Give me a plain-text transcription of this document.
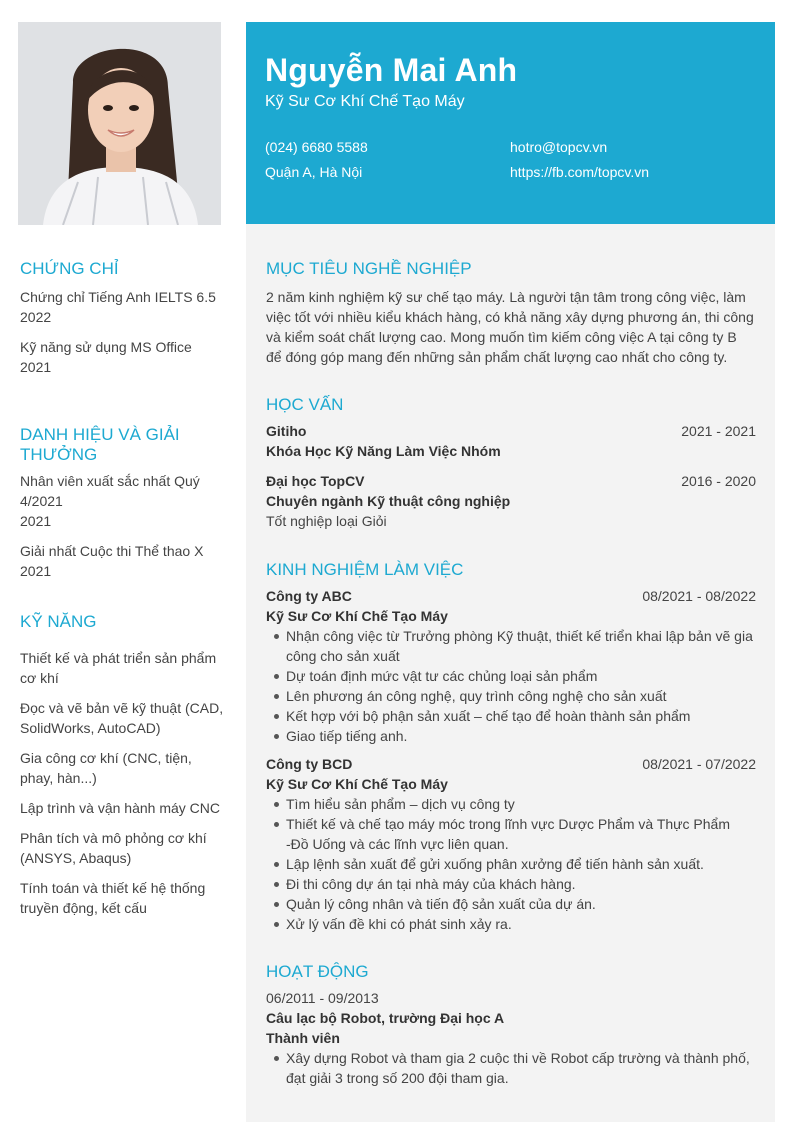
Nguyễn Mai Anh
Kỹ Sư Cơ Khí Chế Tạo Máy
(024) 6680 5588	hotro@topcv.vn
Quận A, Hà Nội	https://fb.com/topcv.vn
CHỨNG CHỈ
Chứng chỉ Tiếng Anh IELTS 6.5
2022
Kỹ năng sử dụng MS Office
2021
DANH HIỆU VÀ GIẢI THƯỞNG
Nhân viên xuất sắc nhất Quý 4/2021
2021
Giải nhất Cuộc thi Thể thao X
2021
KỸ NĂNG
Thiết kế và phát triển sản phẩm cơ khí
Đọc và vẽ bản vẽ kỹ thuật (CAD, SolidWorks, AutoCAD)
Gia công cơ khí (CNC, tiện, phay, hàn...)
Lập trình và vận hành máy CNC
Phân tích và mô phỏng cơ khí (ANSYS, Abaqus)
Tính toán và thiết kế hệ thống truyền động, kết cấu
MỤC TIÊU NGHỀ NGHIỆP
2 năm kinh nghiệm kỹ sư chế tạo máy. Là người tận tâm trong công việc, làm việc tốt với nhiều kiểu khách hàng, có khả năng xây dựng phương án, thi công và kiểm soát chất lượng cao. Mong muốn tìm kiếm công việc A tại công ty B để đóng góp mang đến những sản phẩm chất lượng cao nhất cho công ty.
HỌC VẤN
Gitiho	2021 - 2021
Khóa Học Kỹ Năng Làm Việc Nhóm
Đại học TopCV	2016 - 2020
Chuyên ngành Kỹ thuật công nghiệp
Tốt nghiệp loại Giỏi
KINH NGHIỆM LÀM VIỆC
Công ty ABC	08/2021 - 08/2022
Kỹ Sư Cơ Khí Chế Tạo Máy
Nhận công việc từ Trưởng phòng Kỹ thuật, thiết kế triển khai lập bản vẽ gia công cho sản xuất
Dự toán định mức vật tư các chủng loại sản phẩm
Lên phương án công nghệ, quy trình công nghệ cho sản xuất
Kết hợp với bộ phận sản xuất – chế tạo để hoàn thành sản phẩm
Giao tiếp tiếng anh.
Công ty BCD	08/2021 - 07/2022
Kỹ Sư Cơ Khí Chế Tạo Máy
Tìm hiểu sản phẩm – dịch vụ công ty
Thiết kế và chế tạo máy móc trong lĩnh vực Dược Phẩm và Thực Phẩm -Đồ Uống và các lĩnh vực liên quan.
Lập lệnh sản xuất để gửi xuống phân xưởng để tiến hành sản xuất.
Đi thi công dự án tại nhà máy của khách hàng.
Quản lý công nhân và tiến độ sản xuất của dự án.
Xử lý vấn đề khi có phát sinh xảy ra.
HOẠT ĐỘNG
06/2011 - 09/2013
Câu lạc bộ Robot, trường Đại học A
Thành viên
Xây dựng Robot và tham gia 2 cuộc thi về Robot cấp trường và thành phố, đạt giải 3 trong số 200 đội tham gia.
